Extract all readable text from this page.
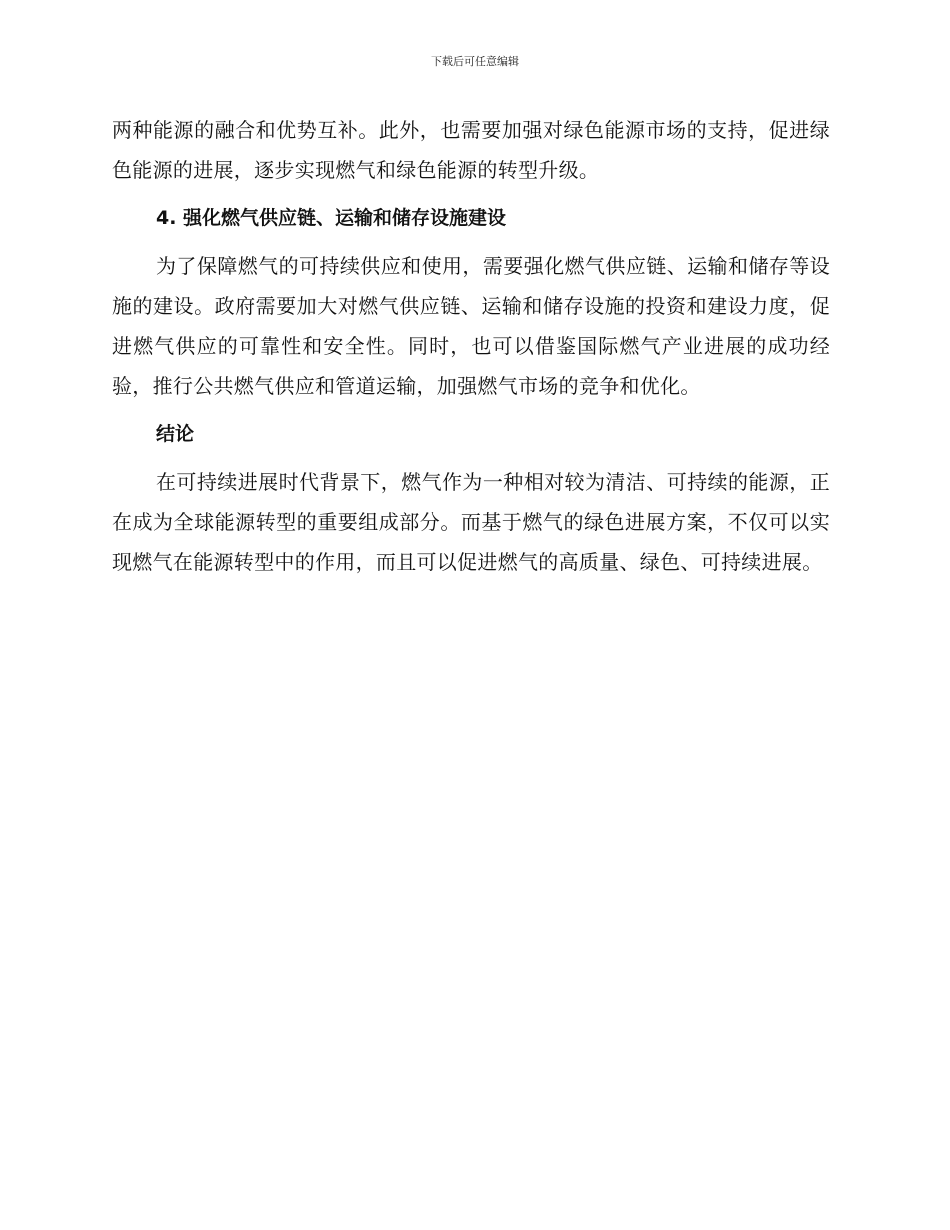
下载后可任意编辑

两种能源的融合和优势互补。此外，也需要加强对绿色能源市场的支持，促进绿色能源的进展，逐步实现燃气和绿色能源的转型升级。

4. 强化燃气供应链、运输和储存设施建设

为了保障燃气的可持续供应和使用，需要强化燃气供应链、运输和储存等设施的建设。政府需要加大对燃气供应链、运输和储存设施的投资和建设力度，促进燃气供应的可靠性和安全性。同时，也可以借鉴国际燃气产业进展的成功经验，推行公共燃气供应和管道运输，加强燃气市场的竞争和优化。

结论

在可持续进展时代背景下，燃气作为一种相对较为清洁、可持续的能源，正在成为全球能源转型的重要组成部分。而基于燃气的绿色进展方案，不仅可以实现燃气在能源转型中的作用，而且可以促进燃气的高质量、绿色、可持续进展。
